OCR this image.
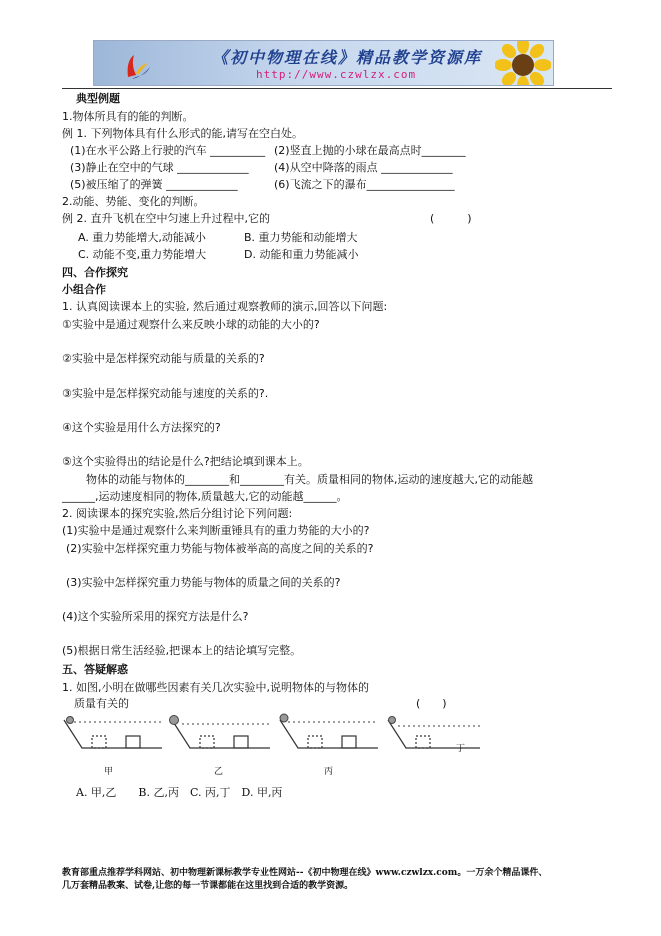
《初中物理在线》精品教学资源库
http://www.czwlzx.com
典型例题
1.物体所具有的能的判断。
例 1. 下列物体具有什么形式的能,请写在空白处。
(1)在水平公路上行驶的汽车 __________ (2)竖直上抛的小球在最高点时________
(3)静止在空中的气球 _____________ (4)从空中降落的雨点 _____________
(5)被压缩了的弹簧 _____________	(6)飞流之下的瀑布________________
2.动能、势能、变化的判断。
例 2. 直升飞机在空中匀速上升过程中,它的	(　　　)
A. 重力势能增大,动能减小	B. 重力势能和动能增大
C. 动能不变,重力势能增大	D. 动能和重力势能减小
四、合作探究
小组合作
1. 认真阅读课本上的实验, 然后通过观察教师的演示,回答以下问题:
①实验中是通过观察什么来反映小球的动能的大小的?
②实验中是怎样探究动能与质量的关系的?
③实验中是怎样探究动能与速度的关系的?.
④这个实验是用什么方法探究的?
⑤这个实验得出的结论是什么?把结论填到课本上。
物体的动能与物体的________和________有关。质量相同的物体,运动的速度越大,它的动能越
______,运动速度相同的物体,质量越大,它的动能越______。
2. 阅读课本的探究实验,然后分组讨论下列问题:
(1)实验中是通过观察什么来判断重锤具有的重力势能的大小的?
(2)实验中怎样探究重力势能与物体被举高的高度之间的关系的?
(3)实验中怎样探究重力势能与物体的质量之间的关系的?
(4)这个实验所采用的探究方法是什么?
(5)根据日常生活经验,把课本上的结论填写完整。
五、答疑解惑
1. 如图,小明在做哪些因素有关几次实验中,说明物体的与物体的
质量有关的	(　　)
甲	乙	丙
丁
A. 甲,乙　　B. 乙,丙　C. 丙,丁　D. 甲,丙
教育部重点推荐学科网站、初中物理新课标教学专业性网站--《初中物理在线》www.czwlzx.com。一万余个精品课件、
几万套精品教案、试卷,让您的每一节课都能在这里找到合适的教学资源。
